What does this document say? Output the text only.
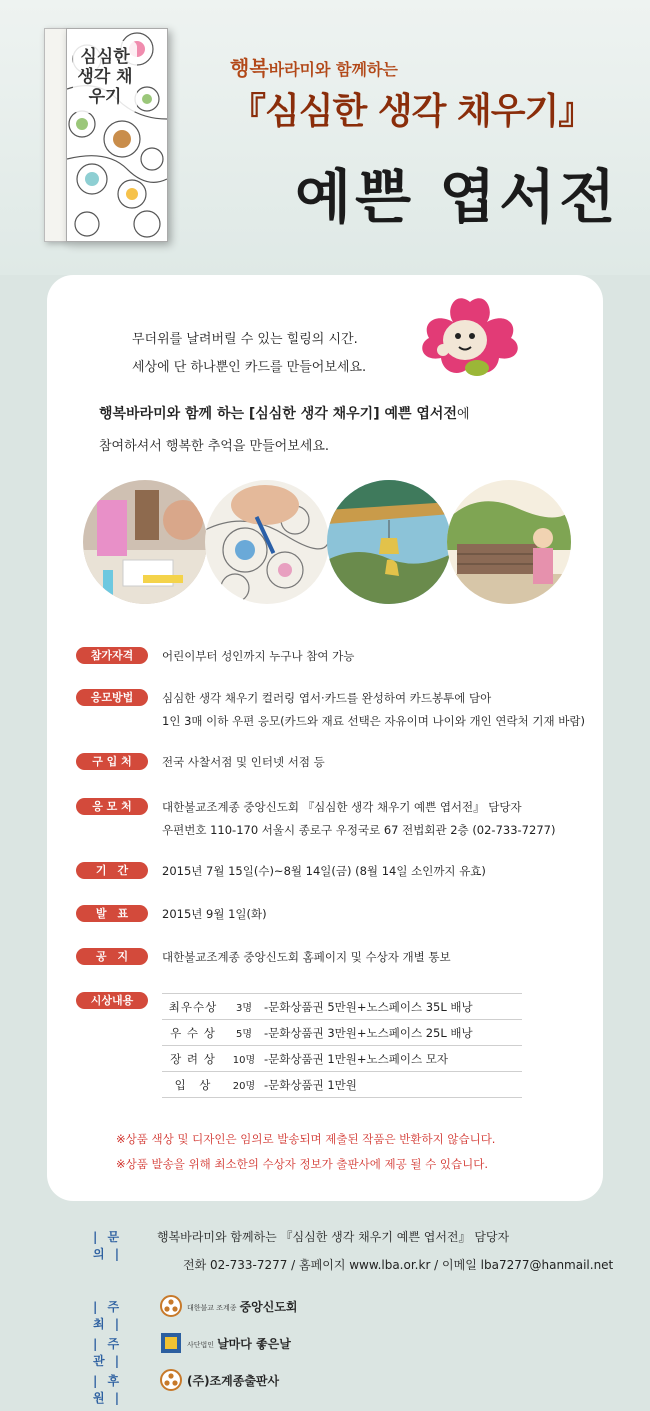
심심한 생각 채우기
행복바라미와 함께하는
『심심한 생각 채우기』
예쁜 엽서전
무더위를 날려버릴 수 있는 힐링의 시간.
세상에 단 하나뿐인 카드를 만들어보세요.
행복바라미와 함께 하는 [심심한 생각 채우기] 예쁜 엽서전에
참여하셔서 행복한 추억을 만들어보세요.
참가자격	어린이부터 성인까지 누구나 참여 가능
응모방법	심심한 생각 채우기 컬러링 엽서·카드를 완성하여 카드봉투에 담아
1인 3매 이하 우편 응모(카드와 재료 선택은 자유이며 나이와 개인 연락처 기재 바람)
구 입 처	전국 사찰서점 및 인터넷 서점 등
응 모 처	대한불교조계종 중앙신도회 『심심한 생각 채우기 예쁜 엽서전』 담당자
우편번호 110-170 서울시 종로구 우정국로 67 전법회관 2층 (02-733-7277)
기　간	2015년 7월 15일(수)~8월 14일(금) (8월 14일 소인까지 유효)
발　표	2015년 9월 1일(화)
공　지	대한불교조계종 중앙신도회 홈페이지 및 수상자 개별 통보
시상내용	최우수상	3명	-문화상품권 5만원+노스페이스 35L 배낭
우 수 상	5명	-문화상품권 3만원+노스페이스 25L 배낭
장 려 상	10명	-문화상품권 1만원+노스페이스 모자
입　상	20명	-문화상품권 1만원
※상품 색상 및 디자인은 임의로 발송되며 제출된 작품은 반환하지 않습니다.
※상품 발송을 위해 최소한의 수상자 정보가 출판사에 제공 될 수 있습니다.
| 문 의 |
행복바라미와 함께하는 『심심한 생각 채우기 예쁜 엽서전』 담당자
전화 02-733-7277 / 홈페이지 www.lba.or.kr / 이메일 lba7277@hanmail.net
| 주 최 |
대한불교 조계종 중앙신도회
| 주 관 |
사단법인 날마다 좋은날
| 후 원 |
(주)조계종출판사
